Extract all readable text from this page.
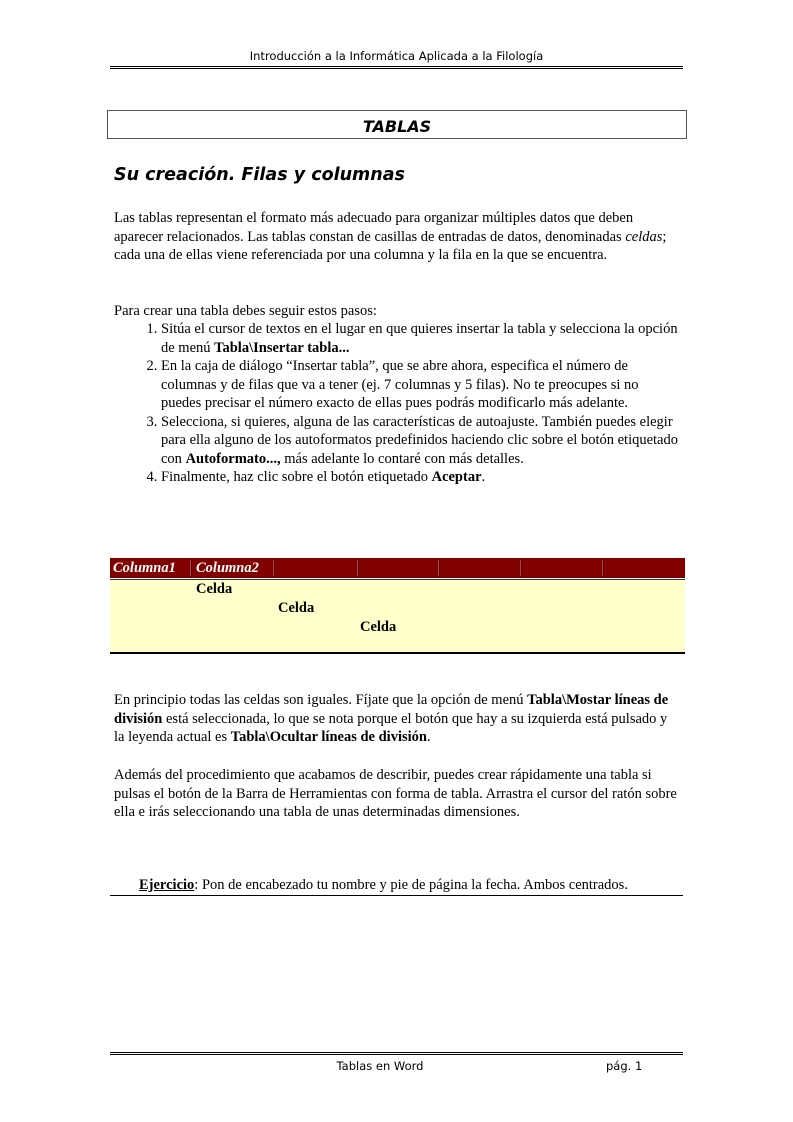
Introducción a la Informática Aplicada a la Filología
TABLAS
Su creación. Filas y columnas
Las tablas representan el formato más adecuado para organizar múltiples datos que deben aparecer relacionados. Las tablas constan de casillas de entradas de datos, denominadas celdas; cada una de ellas viene referenciada por una columna y la fila en la que se encuentra.
Para crear una tabla debes seguir estos pasos:
1. Sitúa el cursor de textos en el lugar en que quieres insertar la tabla y selecciona la opción de menú Tabla\Insertar tabla...
2. En la caja de diálogo “Insertar tabla”, que se abre ahora, especifica el número de columnas y de filas que va a tener (ej. 7 columnas y 5 filas). No te preocupes si no puedes precisar el número exacto de ellas pues podrás modificarlo más adelante.
3. Selecciona, si quieres, alguna de las características de autoajuste. También puedes elegir para ella alguno de los autoformatos predefinidos haciendo clic sobre el botón etiquetado con Autoformato..., más adelante lo contaré con más detalles.
4. Finalmente, haz clic sobre el botón etiquetado Aceptar.
Columna1 Columna2
Celda
Celda
Celda
En principio todas las celdas son iguales. Fíjate que la opción de menú Tabla\Mostar líneas de división está seleccionada, lo que se nota porque el botón que hay a su izquierda está pulsado y la leyenda actual es Tabla\Ocultar líneas de división.
Además del procedimiento que acabamos de describir, puedes crear rápidamente una tabla si pulsas el botón de la Barra de Herramientas con forma de tabla. Arrastra el cursor del ratón sobre ella e irás seleccionando una tabla de unas determinadas dimensiones.
Ejercicio: Pon de encabezado tu nombre y pie de página la fecha. Ambos centrados.
Tablas en Word	pág. 1
